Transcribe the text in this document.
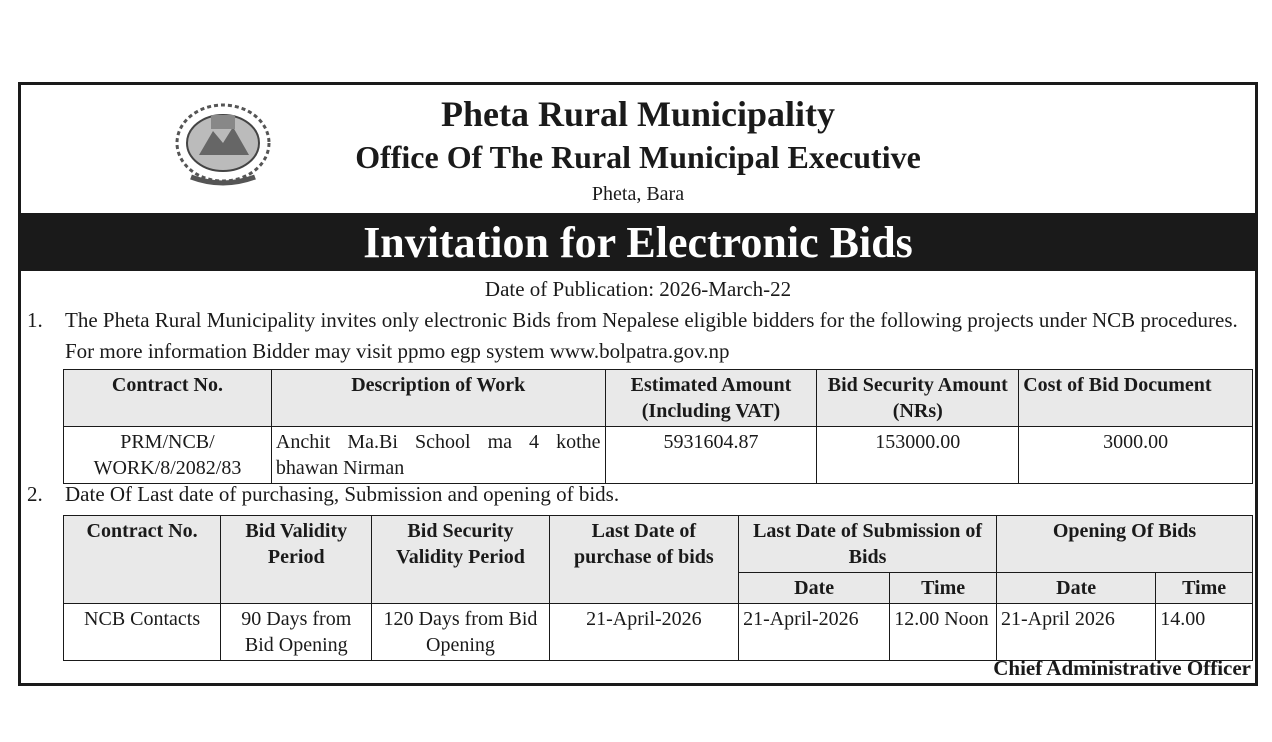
Pheta Rural Municipality
Office Of The Rural Municipal Executive
Pheta, Bara
Invitation for Electronic Bids
Date of Publication: 2026-March-22
1. The Pheta Rural Municipality invites only electronic Bids from Nepalese eligible bidders for the following projects under NCB procedures. For more information Bidder may visit ppmo egp system www.bolpatra.gov.np
Contract No.	Description of Work	Estimated Amount (Including VAT)	Bid Security Amount (NRs)	Cost of Bid Document
PRM/NCB/ WORK/8/2082/83	Anchit Ma.Bi School ma 4 kothe bhawan Nirman	5931604.87	153000.00	3000.00
2. Date Of Last date of purchasing, Submission and opening of bids.
Contract No.	Bid Validity Period	Bid Security Validity Period	Last Date of purchase of bids	Last Date of Submission of Bids		Opening Of Bids	
				Date	Time	Date	Time
NCB Contacts	90 Days from Bid Opening	120 Days from Bid Opening	21-April-2026	21-April-2026	12.00 Noon	21-April 2026	14.00
Chief Administrative Officer
